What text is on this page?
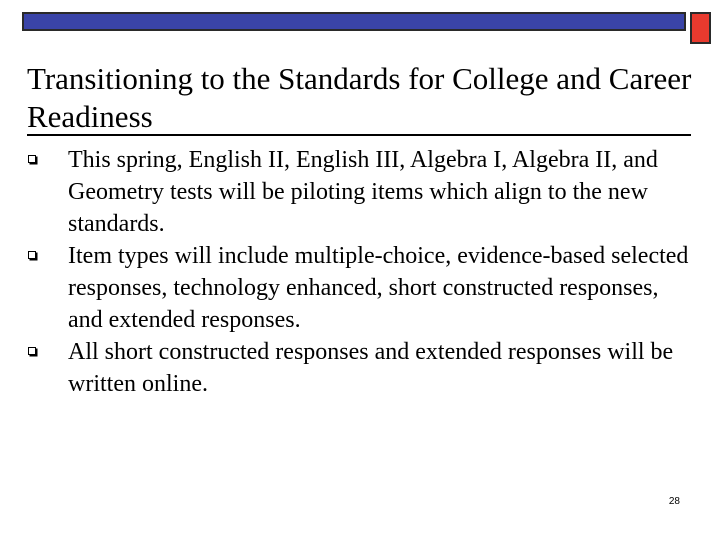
Transitioning to the Standards for College and Career Readiness
This spring, English II, English III, Algebra I, Algebra II, and Geometry tests will be piloting items which align to the new standards.
Item types will include multiple-choice, evidence-based selected responses, technology enhanced, short constructed responses, and extended responses.
All short constructed responses and extended responses will be written online.
28
